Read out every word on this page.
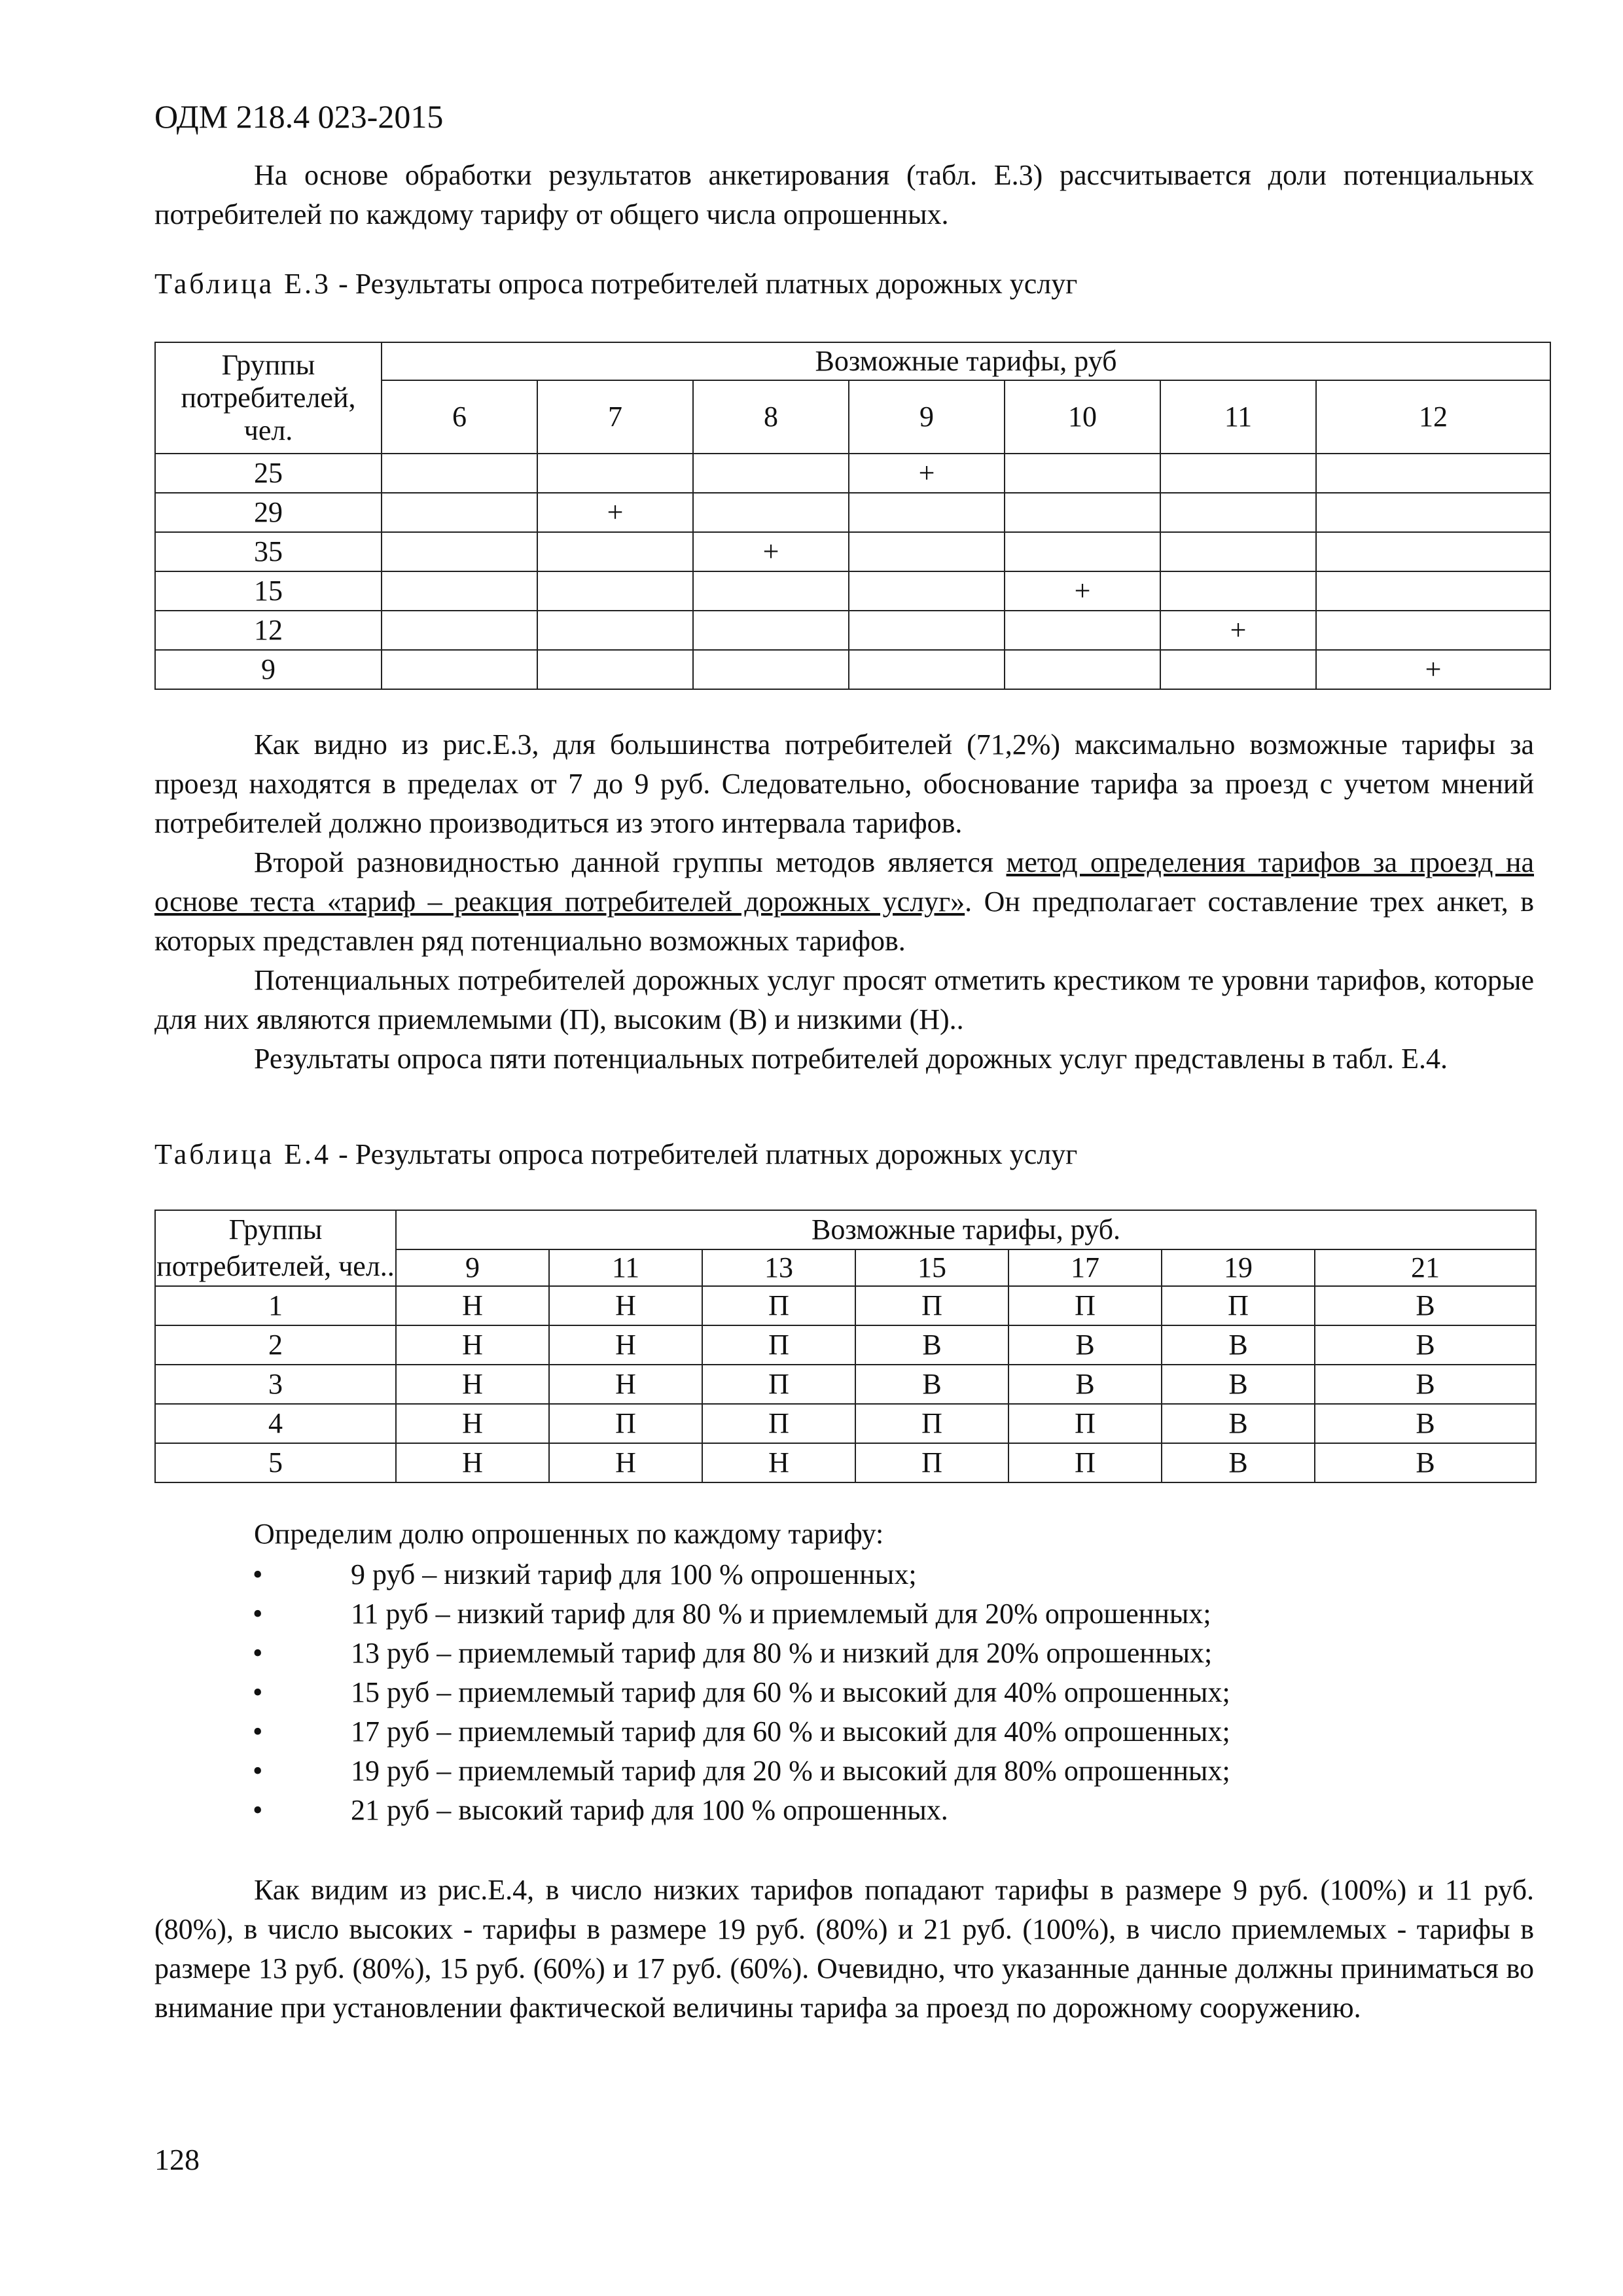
ОДМ 218.4 023-2015

На основе обработки результатов анкетирования (табл. Е.3) рассчитывается доли потенциальных потребителей по каждому тарифу от общего числа опрошенных.

Таблица Е.3 - Результаты опроса потребителей платных дорожных услуг
Группы потребителей, чел.	Возможные тарифы, руб						
	6	7	8	9	10	11	12
25				+			
29		+					
35			+				
15					+		
12						+	
9							+

Как видно из рис.Е.3, для большинства потребителей (71,2%) максимально возможные тарифы за проезд находятся в пределах от 7 до 9 руб. Следовательно, обоснование тарифа за проезд с учетом мнений потребителей должно производиться из этого интервала тарифов.

Второй разновидностью данной группы методов является метод определения тарифов за проезд на основе теста «тариф – реакция потребителей дорожных услуг». Он предполагает составление трех анкет, в которых представлен ряд потенциально возможных тарифов.

Потенциальных потребителей дорожных услуг просят отметить крестиком те уровни тарифов, которые для них являются приемлемыми (П), высоким (В) и низкими (Н)..

Результаты опроса пяти потенциальных потребителей дорожных услуг представлены в табл. Е.4.

Таблица Е.4 - Результаты опроса потребителей платных дорожных услуг
Группы потребителей, чел..	Возможные тарифы, руб.						
	9	11	13	15	17	19	21
1	Н	Н	П	П	П	П	В
2	Н	Н	П	В	В	В	В
3	Н	Н	П	В	В	В	В
4	Н	П	П	П	П	В	В
5	Н	Н	Н	П	П	В	В

Определим долю опрошенных по каждому тарифу:

•	9 руб – низкий тариф для 100 % опрошенных;
•	11 руб – низкий тариф для 80 % и приемлемый для 20% опрошенных;
•	13 руб – приемлемый тариф для 80 % и низкий для 20% опрошенных;
•	15 руб – приемлемый тариф для 60 % и высокий для 40% опрошенных;
•	17 руб – приемлемый тариф для 60 % и высокий для 40% опрошенных;
•	19 руб – приемлемый тариф для 20 % и высокий для 80% опрошенных;
•	21 руб – высокий тариф для 100 % опрошенных.

Как видим из рис.Е.4, в число низких тарифов попадают тарифы в размере 9 руб. (100%) и 11 руб. (80%), в число высоких - тарифы в размере 19 руб. (80%) и 21 руб. (100%), в число приемлемых - тарифы в размере 13 руб. (80%), 15 руб. (60%) и 17 руб. (60%). Очевидно, что указанные данные должны приниматься во внимание при установлении фактической величины тарифа за проезд по дорожному сооружению.

128
